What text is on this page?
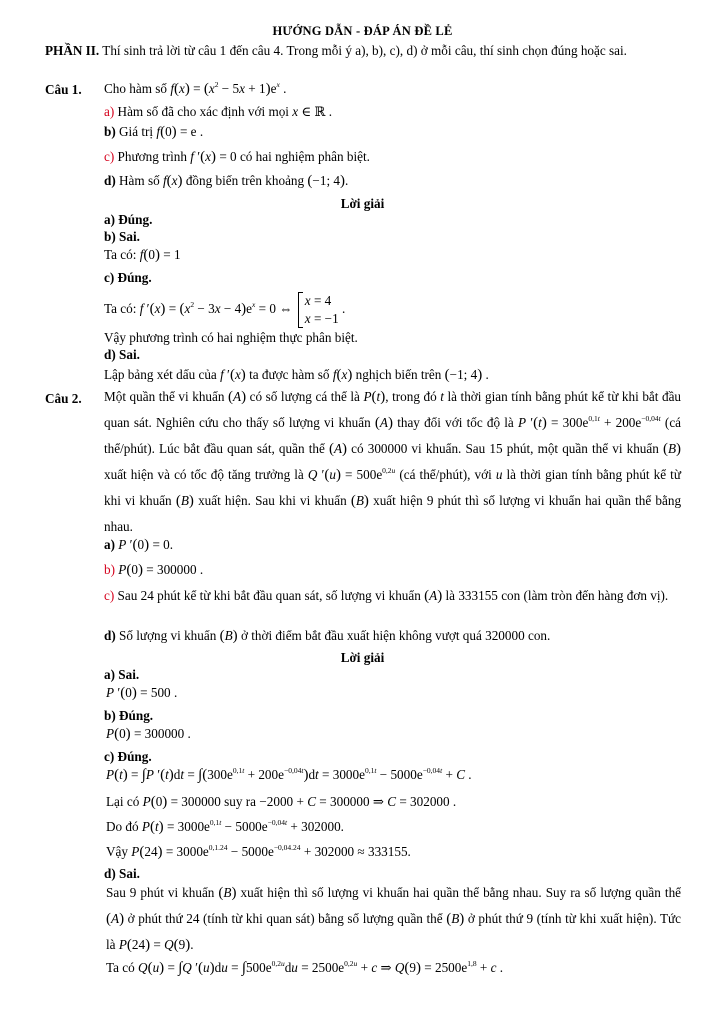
HƯỚNG DẪN - ĐÁP ÁN ĐỀ LẺ
PHẦN II. Thí sinh trả lời từ câu 1 đến câu 4. Trong mỗi ý a), b), c), d) ở mỗi câu, thí sinh chọn đúng hoặc sai.
Câu 1. Cho hàm số $f(x) = (x^2 - 5x + 1)e^x$ .
a) Hàm số đã cho xác định với mọi x ∈ ℝ .
b) Giá trị f(0) = e .
c) Phương trình f ′(x) = 0 có hai nghiệm phân biệt.
d) Hàm số f(x) đồng biến trên khoảng (−1; 4).
Lời giải
a) Đúng.
b) Sai.
Ta có: f(0) = 1
c) Đúng.
Ta có: f $'(x) = (x^2 - 3x - 4)e^x = 0$ ⇔
x = 4
x = −1
.
Vậy phương trình có hai nghiệm thực phân biệt.
d) Sai.
Lập bảng xét dấu của f ′(x) ta được hàm số f(x) nghịch biến trên (−1; 4) .
Câu 2. Một quần thể vi khuẩn (A) có số lượng cá thể là P(t), trong đó t là thời gian tính bằng phút kể từ khi bắt đầu quan sát. Nghiên cứu cho thấy số lượng vi khuẩn (A) thay đổi với tốc độ là P $'(t) = 300e^{0,1t} + 200e^{-0,04t}$ (cá thể/phút). Lúc bắt đầu quan sát, quần thể (A) có 300000 vi khuẩn. Sau 15 phút, một quần thể vi khuẩn (B) xuất hiện và có tốc độ tăng trưởng là Q $'(u) = 500e^{0,2u}$ (cá thể/phút), với u là thời gian tính bằng phút kể từ khi vi khuẩn (B) xuất hiện. Sau khi vi khuẩn (B) xuất hiện 9 phút thì số lượng vi khuẩn hai quần thể bằng nhau.
a) P ′(0) = 0.
b) P(0) = 300000 .
c) Sau 24 phút kể từ khi bắt đầu quan sát, số lượng vi khuẩn (A) là 333155 con (làm tròn đến hàng đơn vị).
d) Số lượng vi khuẩn (B) ở thời điểm bắt đầu xuất hiện không vượt quá 320000 con.
Lời giải
a) Sai.
P ′(0) = 500 .
b) Đúng.
P(0) = 300000 .
c) Đúng.
P(t) = ∫P $'(t)dt = \int(300e^{0,1t} + 200e^{-0,04t})dt = 3000e^{0,1t} - 5000e^{-0,04t} + C$ .
Lại có P(0) = 300000 suy ra −2000 + C = 300000 ⇒ C = 302000 .
Do đó $P(t) = 3000e^{0,1t} - 5000e^{-0,04t} + 302000$.
Vậy $P(24) = 3000e^{0,1.24} - 5000e^{-0,04.24} + 302000 \approx 333155$.
d) Sai.
Sau 9 phút vi khuẩn (B) xuất hiện thì số lượng vi khuẩn hai quần thể bằng nhau. Suy ra số lượng quần thể (A) ở phút thứ 24 (tính từ khi quan sát) bằng số lượng quần thể (B) ở phút thứ 9 (tính từ khi xuất hiện). Tức là P(24) = Q(9).
Ta có Q(u) = ∫Q $'(u)du = \int 500e^{0,2u}du = 2500e^{0,2u} + c$ ⇒ $Q(9) = 2500e^{1,8} + c$ .
